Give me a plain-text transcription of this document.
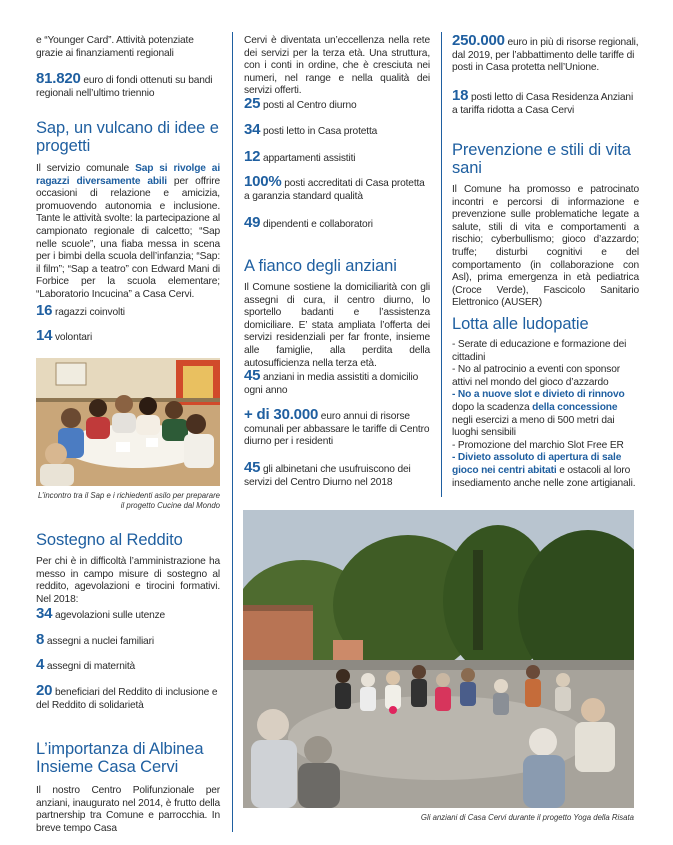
e “Younger Card”. Attività potenziate grazie ai finanziamenti regionali

81.820 euro di fondi ottenuti su bandi regionali nell’ultimo triennio

Sap, un vulcano di idee e progetti

Il servizio comunale Sap si rivolge ai ragazzi diversamente abili per offrire occasioni di relazione e amicizia, promuovendo autonomia e inclusione. Tante le attività svolte: la partecipazione al campionato regionale di calcetto; “Sap nelle scuole”, una fiaba messa in scena per i bimbi della scuola dell’infanzia; “Sap: il film”; “Sap a teatro” con Edward Mani di Forbice per la scuola elementare; “Laboratorio Incucina” a Casa Cervi.

16 ragazzi coinvolti

14 volontari

L’incontro tra il Sap e i richiedenti asilo per preparare il progetto Cucine dal Mondo
Sostegno al Reddito

Per chi è in difficoltà l’amministrazione ha messo in campo misure di sostegno al reddito, agevolazioni e tirocini formativi. Nel 2018:

34 agevolazioni sulle utenze

8 assegni a nuclei familiari

4 assegni di maternità

20 beneficiari del Reddito di inclusione e del Reddito di solidarietà

L’importanza di Albinea Insieme Casa Cervi

Il nostro Centro Polifunzionale per anziani, inaugurato nel 2014, è frutto della partnership tra Comune e parrocchia. In breve tempo Casa

Cervi è diventata un’eccellenza nella rete dei servizi per la terza età. Una struttura, con i conti in ordine, che è cresciuta nei numeri, nel range e nella qualità dei servizi offerti.

25 posti al Centro diurno

34 posti letto in Casa protetta

12 appartamenti assistiti

100% posti accreditati di Casa protetta a garanzia standard qualità

49 dipendenti e collaboratori

A fianco degli anziani

Il Comune sostiene la domiciliarità con gli assegni di cura, il centro diurno, lo sportello badanti e l’assistenza domiciliare. E’ stata ampliata l’offerta dei servizi residenziali per far fronte, insieme alle famiglie, alla perdita della autosufficienza nella terza età.

45 anziani in media assistiti a domicilio ogni anno

+ di 30.000 euro annui di risorse comunali per abbassare le tariffe di Centro diurno per i residenti

45 gli albinetani che usufruiscono dei servizi del Centro Diurno nel 2018

250.000 euro in più di risorse regionali, dal 2019, per l’abbattimento delle tariffe di posti in Casa protetta nell’Unione.

18 posti letto di Casa Residenza Anziani a tariffa ridotta a Casa Cervi

Prevenzione e stili di vita sani

Il Comune ha promosso e patrocinato incontri e percorsi di informazione e prevenzione sulle problematiche legate a salute, stili di vita e comportamenti a rischio; cyberbullismo; gioco d’azzardo; truffe; disturbi cognitivi e del comportamento (in collaborazione con Asl), prima emergenza in età pediatrica (Croce Verde), Fascicolo Sanitario Elettronico (AUSER)

Lotta alle ludopatie

- Serate di educazione e formazione dei cittadini

- No al patrocinio a eventi con sponsor attivi nel mondo del gioco d’azzardo

- No a nuove slot e divieto di rinnovo dopo la scadenza della concessione negli esercizi a meno di 500 metri dai luoghi sensibili

- Promozione del marchio Slot Free ER

- Divieto assoluto di apertura di sale gioco nei centri abitati e ostacoli al loro insediamento anche nelle zone artigianali.

Gli anziani di Casa Cervi durante il progetto Yoga della Risata
